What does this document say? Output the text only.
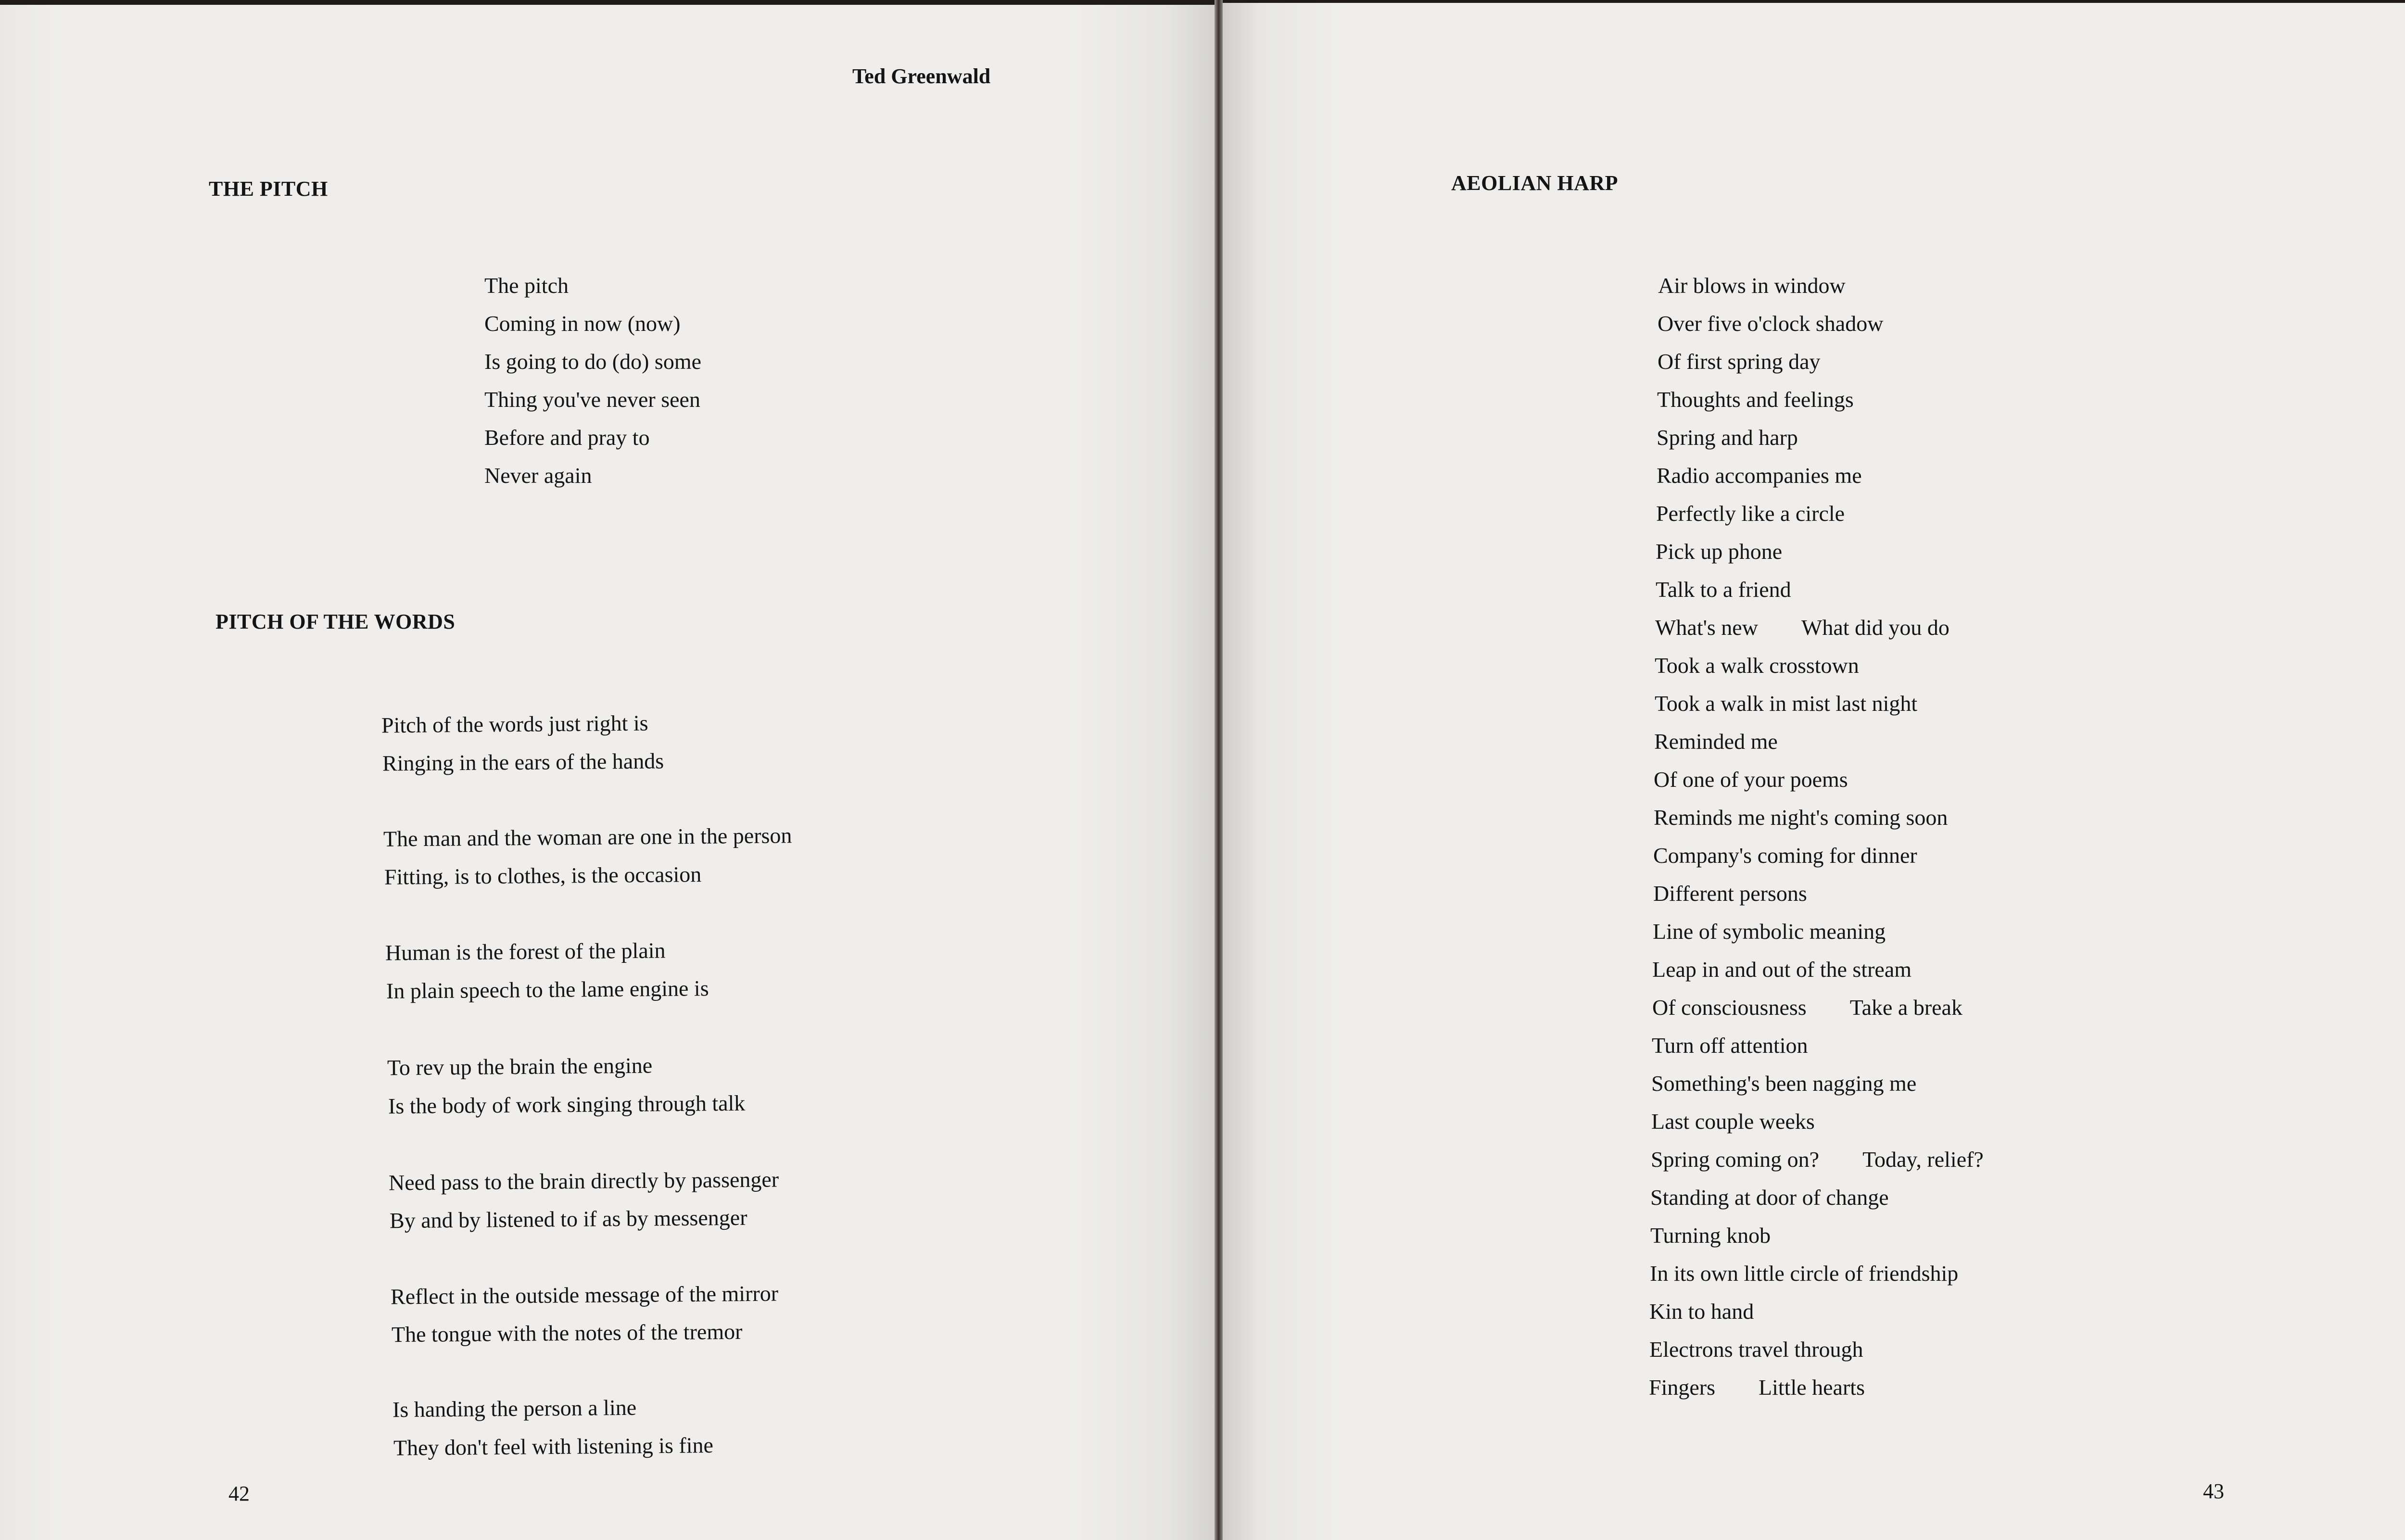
Ted Greenwald
THE PITCH
The pitch
Coming in now (now)
Is going to do (do) some
Thing you've never seen
Before and pray to
Never again
PITCH OF THE WORDS
Pitch of the words just right is
Ringing in the ears of the hands
The man and the woman are one in the person
Fitting, is to clothes, is the occasion
Human is the forest of the plain
In plain speech to the lame engine is
To rev up the brain the engine
Is the body of work singing through talk
Need pass to the brain directly by passenger
By and by listened to if as by messenger
Reflect in the outside message of the mirror
The tongue with the notes of the tremor
Is handing the person a line
They don't feel with listening is fine
42
AEOLIAN HARP
Air blows in window
Over five o'clock shadow
Of first spring day
Thoughts and feelings
Spring and harp
Radio accompanies me
Perfectly like a circle
Pick up phone
Talk to a friend
What's new What did you do
Took a walk crosstown
Took a walk in mist last night
Reminded me
Of one of your poems
Reminds me night's coming soon
Company's coming for dinner
Different persons
Line of symbolic meaning
Leap in and out of the stream
Of consciousness Take a break
Turn off attention
Something's been nagging me
Last couple weeks
Spring coming on? Today, relief?
Standing at door of change
Turning knob
In its own little circle of friendship
Kin to hand
Electrons travel through
Fingers Little hearts
43
